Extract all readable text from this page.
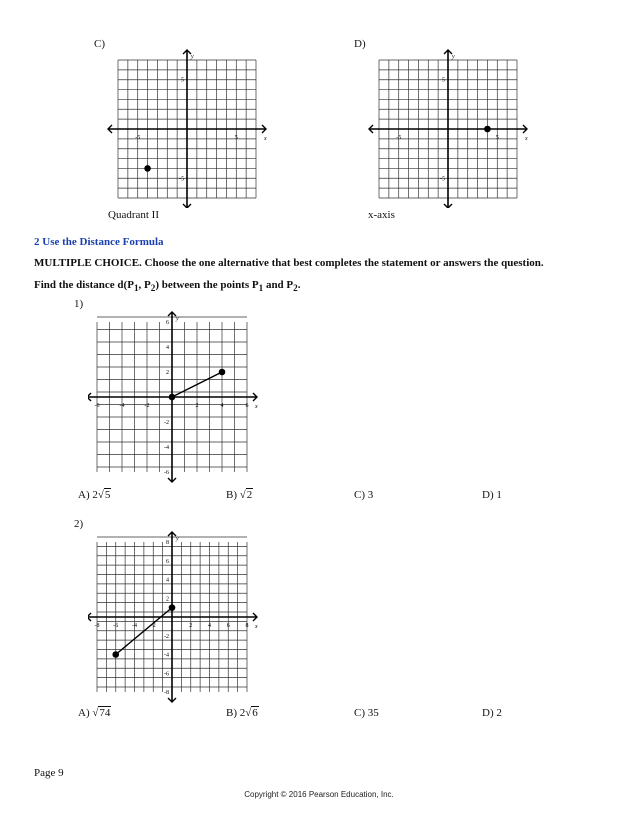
C)	D)
x
y
-5
-5
5
5
x
y
-5
-5
5
5
Quadrant II	x-axis
2 Use the Distance Formula
MULTIPLE CHOICE. Choose the one alternative that best completes the statement or answers the question.
Find the distance $d(P_1$, $P_2$) between the points $P_1$ and $P_2$.
1)
x
y
-6
-6
-4
-4
-2
-2
2
2
4
4
6
6
A) 2√5	B) √2	C) 3	D) 1
2)
x
y
-8
-8
-6
-6
-4
-4
-2
-2
2
2
4
4
6
6
8
8
A) √74	B) 2√6	C) 35	D) 2
Page 9
Copyright © 2016 Pearson Education, Inc.
